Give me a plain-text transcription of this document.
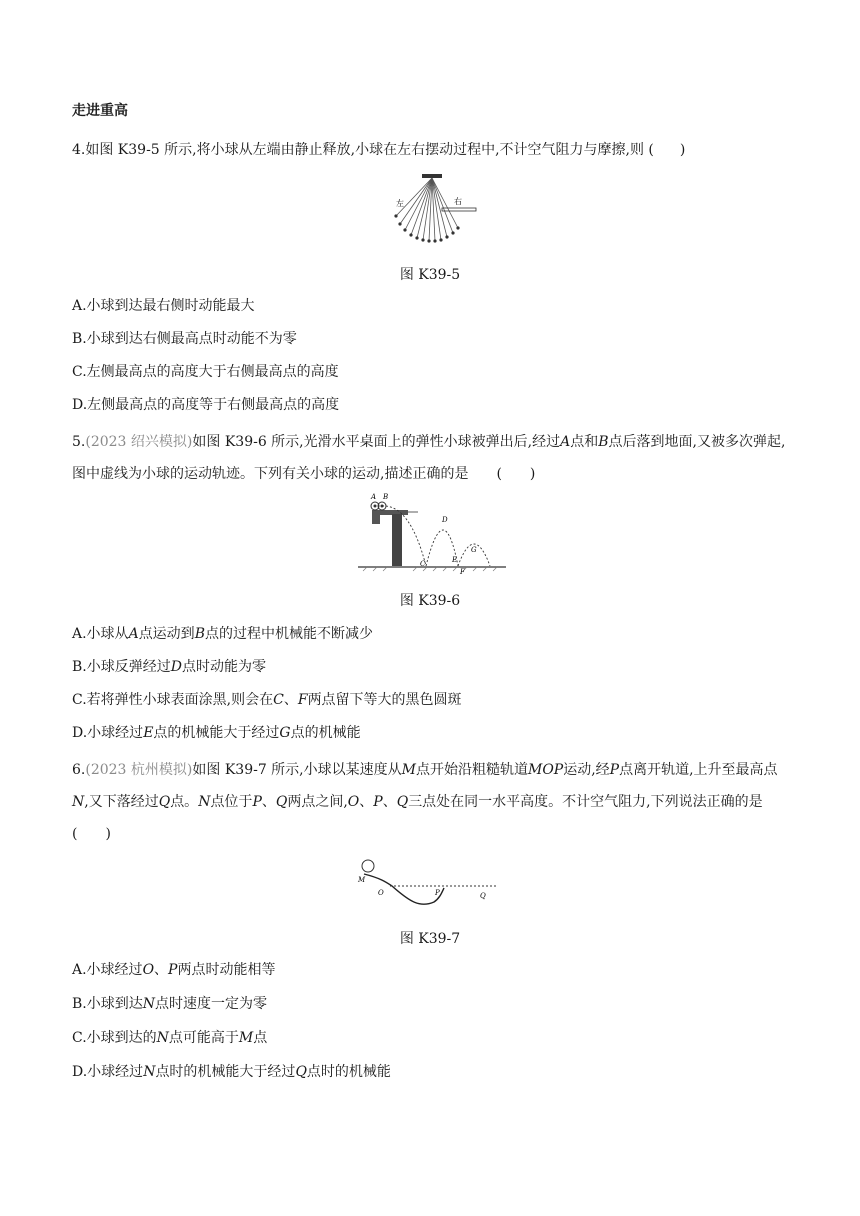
走进重高
4.如图 K39-5 所示,将小球从左端由静止释放,小球在左右摆动过程中,不计空气阻力与摩擦,则 ( )
左	右
图 K39-5
A.小球到达最右侧时动能最大
B.小球到达右侧最高点时动能不为零
C.左侧最高点的高度大于右侧最高点的高度
D.左侧最高点的高度等于右侧最高点的高度
5.(2023 绍兴模拟)如图 K39-6 所示,光滑水平桌面上的弹性小球被弹出后,经过A点和B点后落到地面,又被多次弹起,图中虚线为小球的运动轨迹。下列有关小球的运动,描述正确的是　　 (　　)
A B
C
D
E
F
G
图 K39-6
A.小球从A点运动到B点的过程中机械能不断减少
B.小球反弹经过D点时动能为零
C.若将弹性小球表面涂黑,则会在C、F两点留下等大的黑色圆斑
D.小球经过E点的机械能大于经过G点的机械能
6.(2023 杭州模拟)如图 K39-7 所示,小球以某速度从M点开始沿粗糙轨道MOP运动,经P点离开轨道,上升至最高点N,又下落经过Q点。N点位于P、Q两点之间,O、P、Q三点处在同一水平高度。不计空气阻力,下列说法正确的是　　(　　)
M
O	P	Q
图 K39-7
A.小球经过O、P两点时动能相等
B.小球到达N点时速度一定为零
C.小球到达的N点可能高于M点
D.小球经过N点时的机械能大于经过Q点时的机械能
